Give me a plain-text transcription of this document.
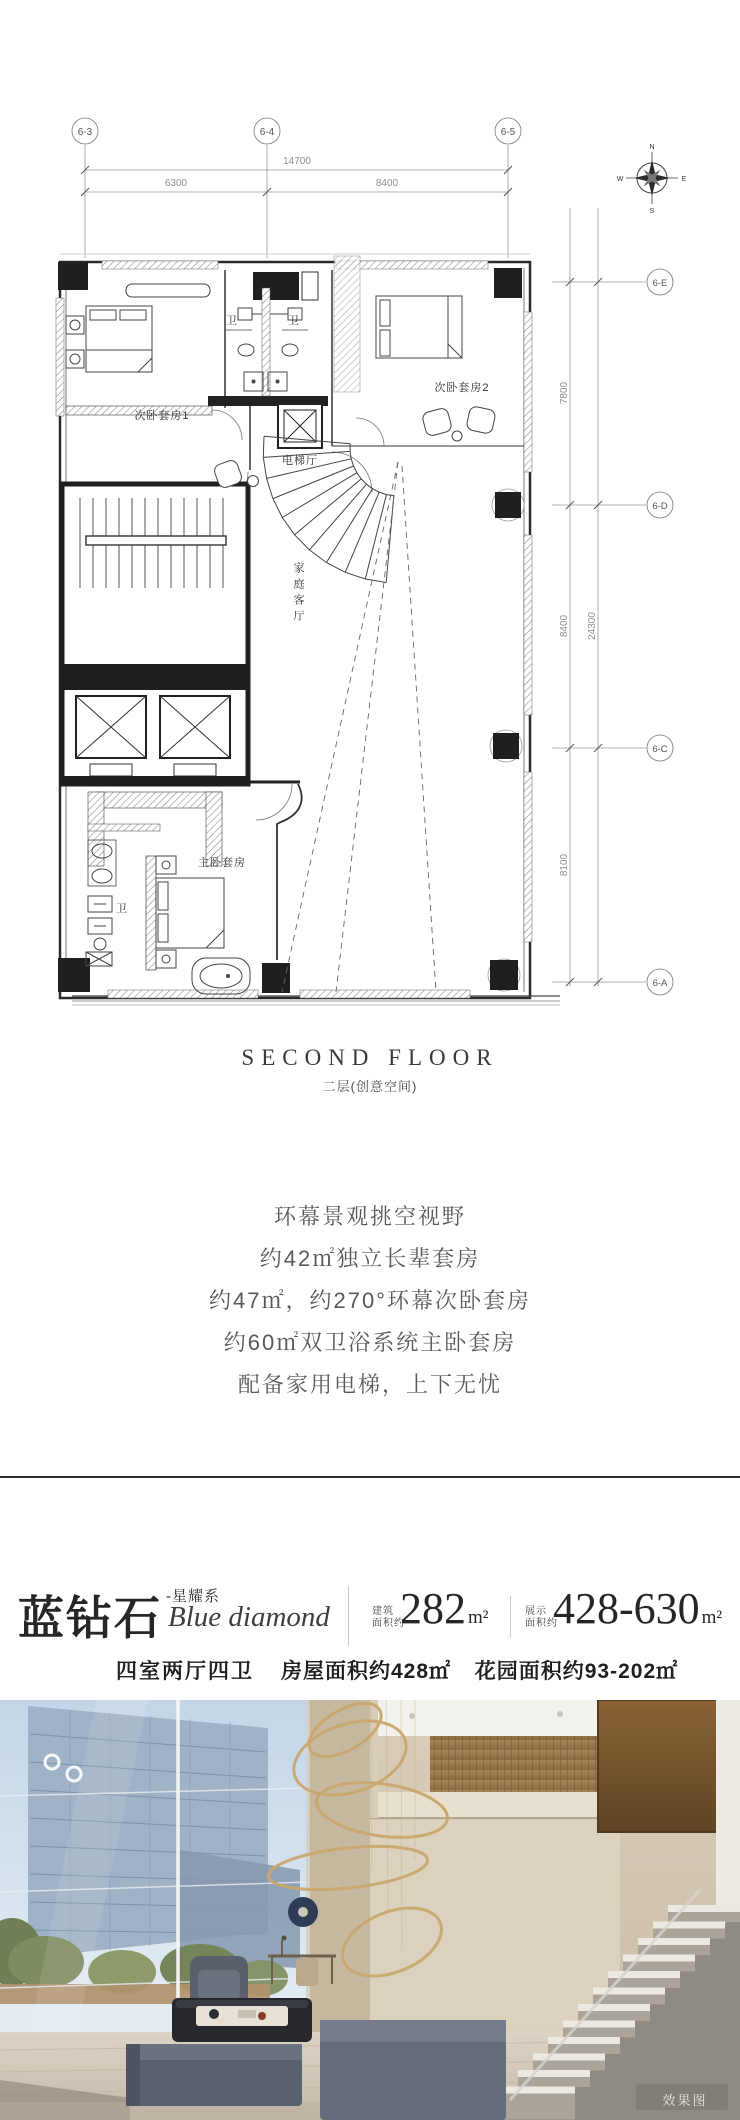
6-3	6-4	6-5
14700
6300	8400
N
S
W	E
6-E
6-D
6-C
6-A
7800
8400
8100
24300
次卧套房1
卫	卫
次卧套房2
电梯厅
家庭客厅
主卧套房
卫
SECOND FLOOR
二层(创意空间)
环幕景观挑空视野
约42㎡独立长辈套房
约47㎡，约270°环幕次卧套房
约60㎡双卫浴系统主卧套房
配备家用电梯，上下无忧
蓝钻石 -星耀系
Blue diamond	建筑
面积约
282 m²	展示
面积约
428-630 m²
四室两厅四卫 房屋面积约428㎡ 花园面积约93-202㎡
效果图
